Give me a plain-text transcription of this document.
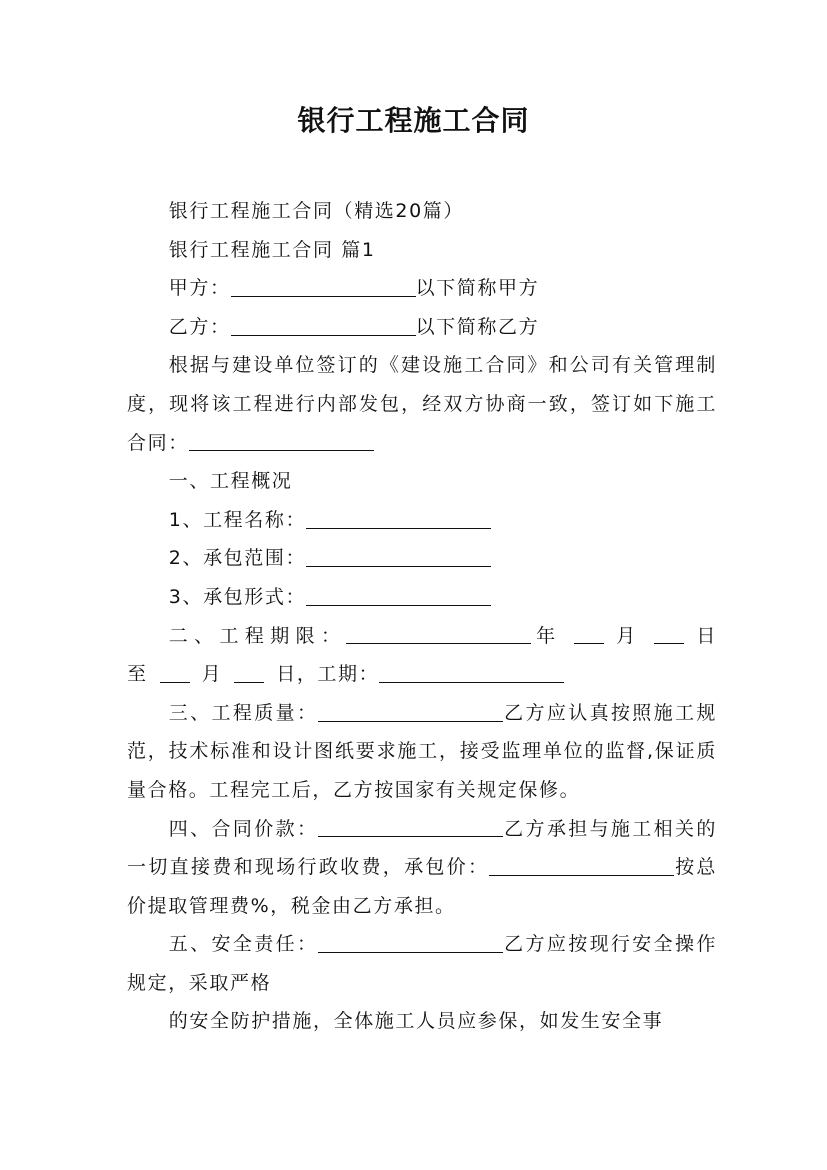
银行工程施工合同

银行工程施工合同（精选20篇）

银行工程施工合同 篇1

甲方：	以下简称甲方

乙方：	以下简称乙方

根据与建设单位签订的《建设施工合同》和公司有关管理制度，现将该工程进行内部发包，经双方协商一致，签订如下施工合同：

一、工程概况

1、工程名称：

2、承包范围：

3、承包形式：

二、工程期限：	年	月	日

至	月	日，工期：

三、工程质量：	乙方应认真按照施工规范，技术标准和设计图纸要求施工，接受监理单位的监督,保证质量合格。工程完工后，乙方按国家有关规定保修。

四、合同价款：	乙方承担与施工相关的一切直接费和现场行政收费，承包价：	按总价提取管理费%，税金由乙方承担。

五、安全责任：	乙方应按现行安全操作规定，采取严格

的安全防护措施，全体施工人员应参保，如发生安全事
